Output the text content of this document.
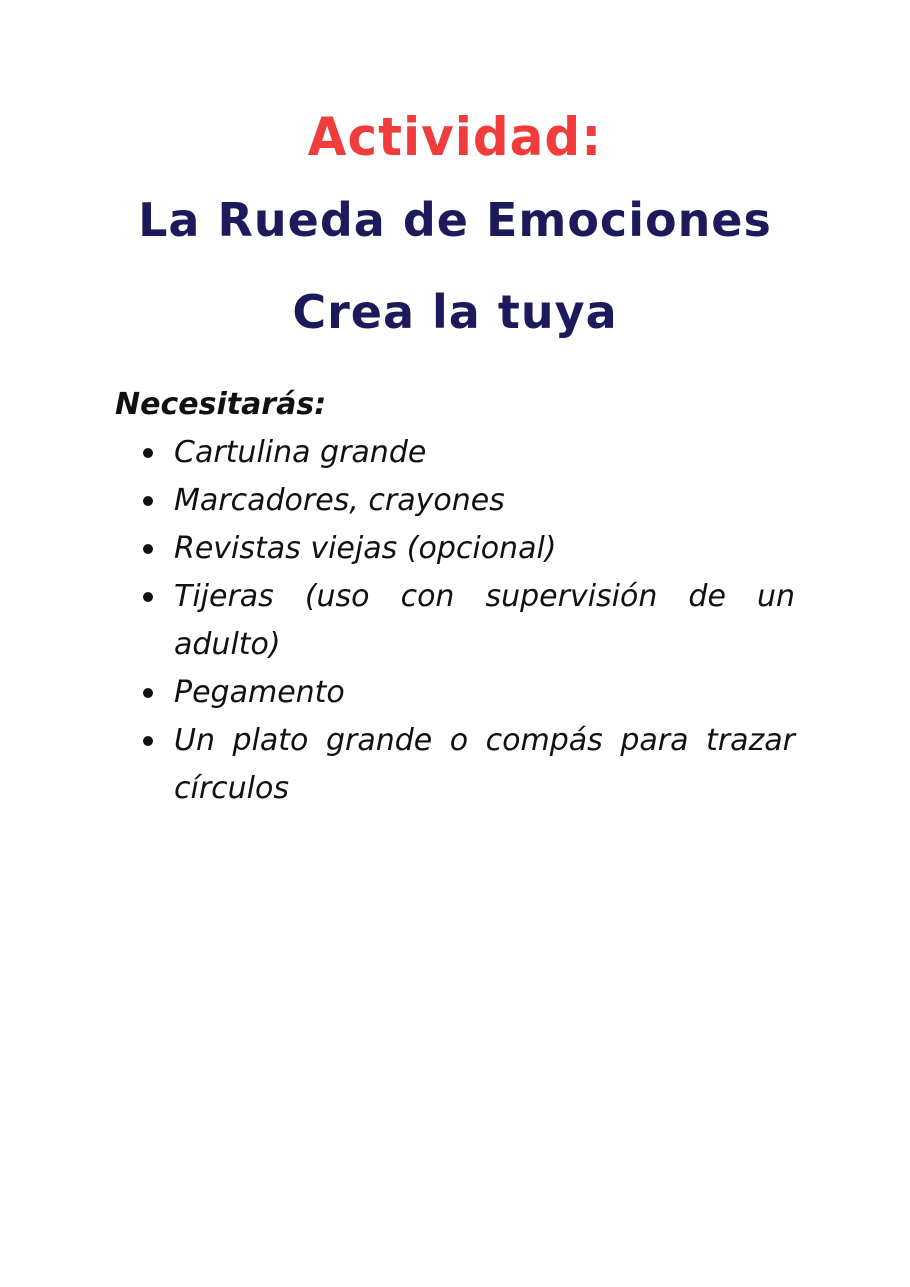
Actividad:
La Rueda de Emociones
Crea la tuya
Necesitarás:
Cartulina grande
Marcadores, crayones
Revistas viejas (opcional)
Tijeras (uso con supervisión de un adulto)
Pegamento
Un plato grande o compás para trazar círculos
